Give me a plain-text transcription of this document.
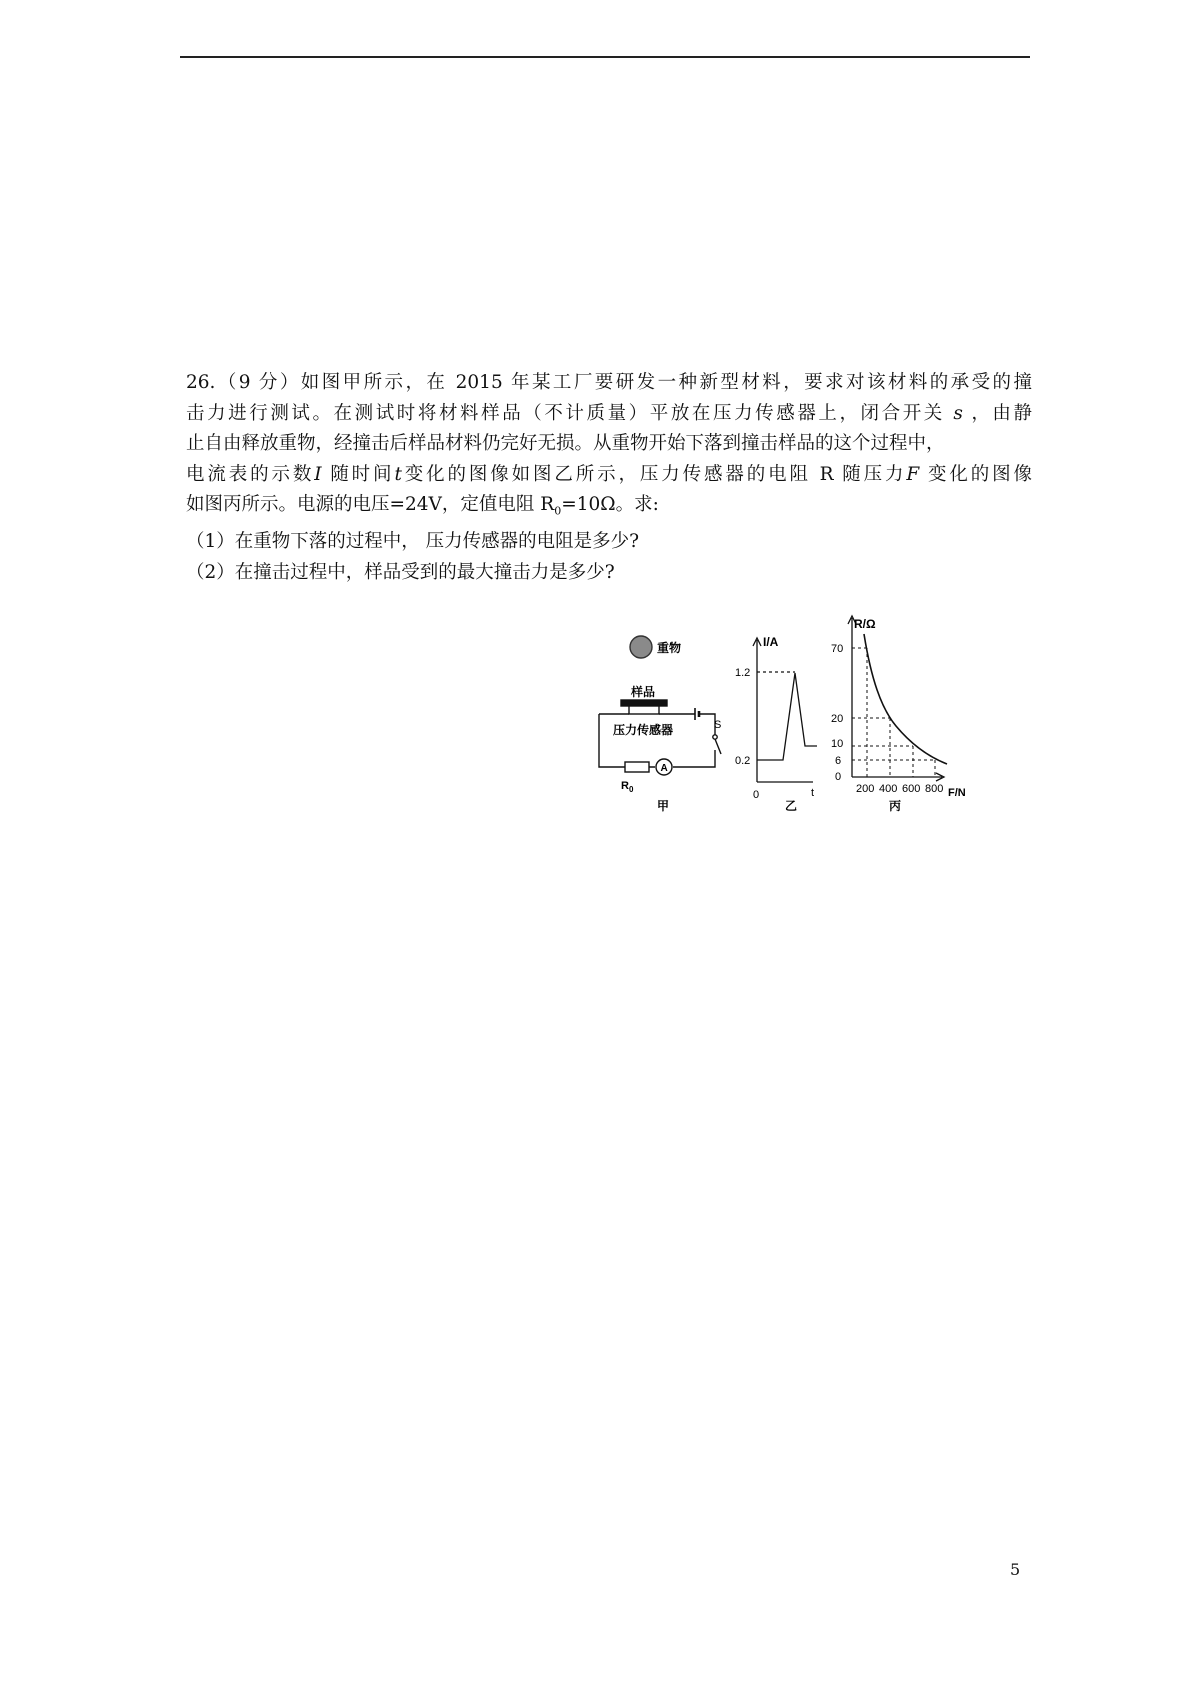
26.（9 分）如图甲所示，在 2015 年某工厂要研发一种新型材料，要求对该材料的承受的撞

击力进行测试。在测试时将材料样品（不计质量）平放在压力传感器上，闭合开关 s ，由静

止自由释放重物，经撞击后样品材料仍完好无损。从重物开始下落到撞击样品的这个过程中，

电流表的示数I 随时间t变化的图像如图乙所示，压力传感器的电阻 R 随压力F 变化的图像

如图丙所示。电源的电压=24V，定值电阻 $R_0=10\Omega$。求:

（1）在重物下落的过程中， 压力传感器的电阻是多少?

（2）在撞击过程中，样品受到的最大撞击力是多少?

重物
样品
压力传感器	S
A
$R_0$
甲
I/A
1.2
0.2
0	t
乙
R/Ω
70
20
10
6
0
200 400 600 800 F/N
丙
5
